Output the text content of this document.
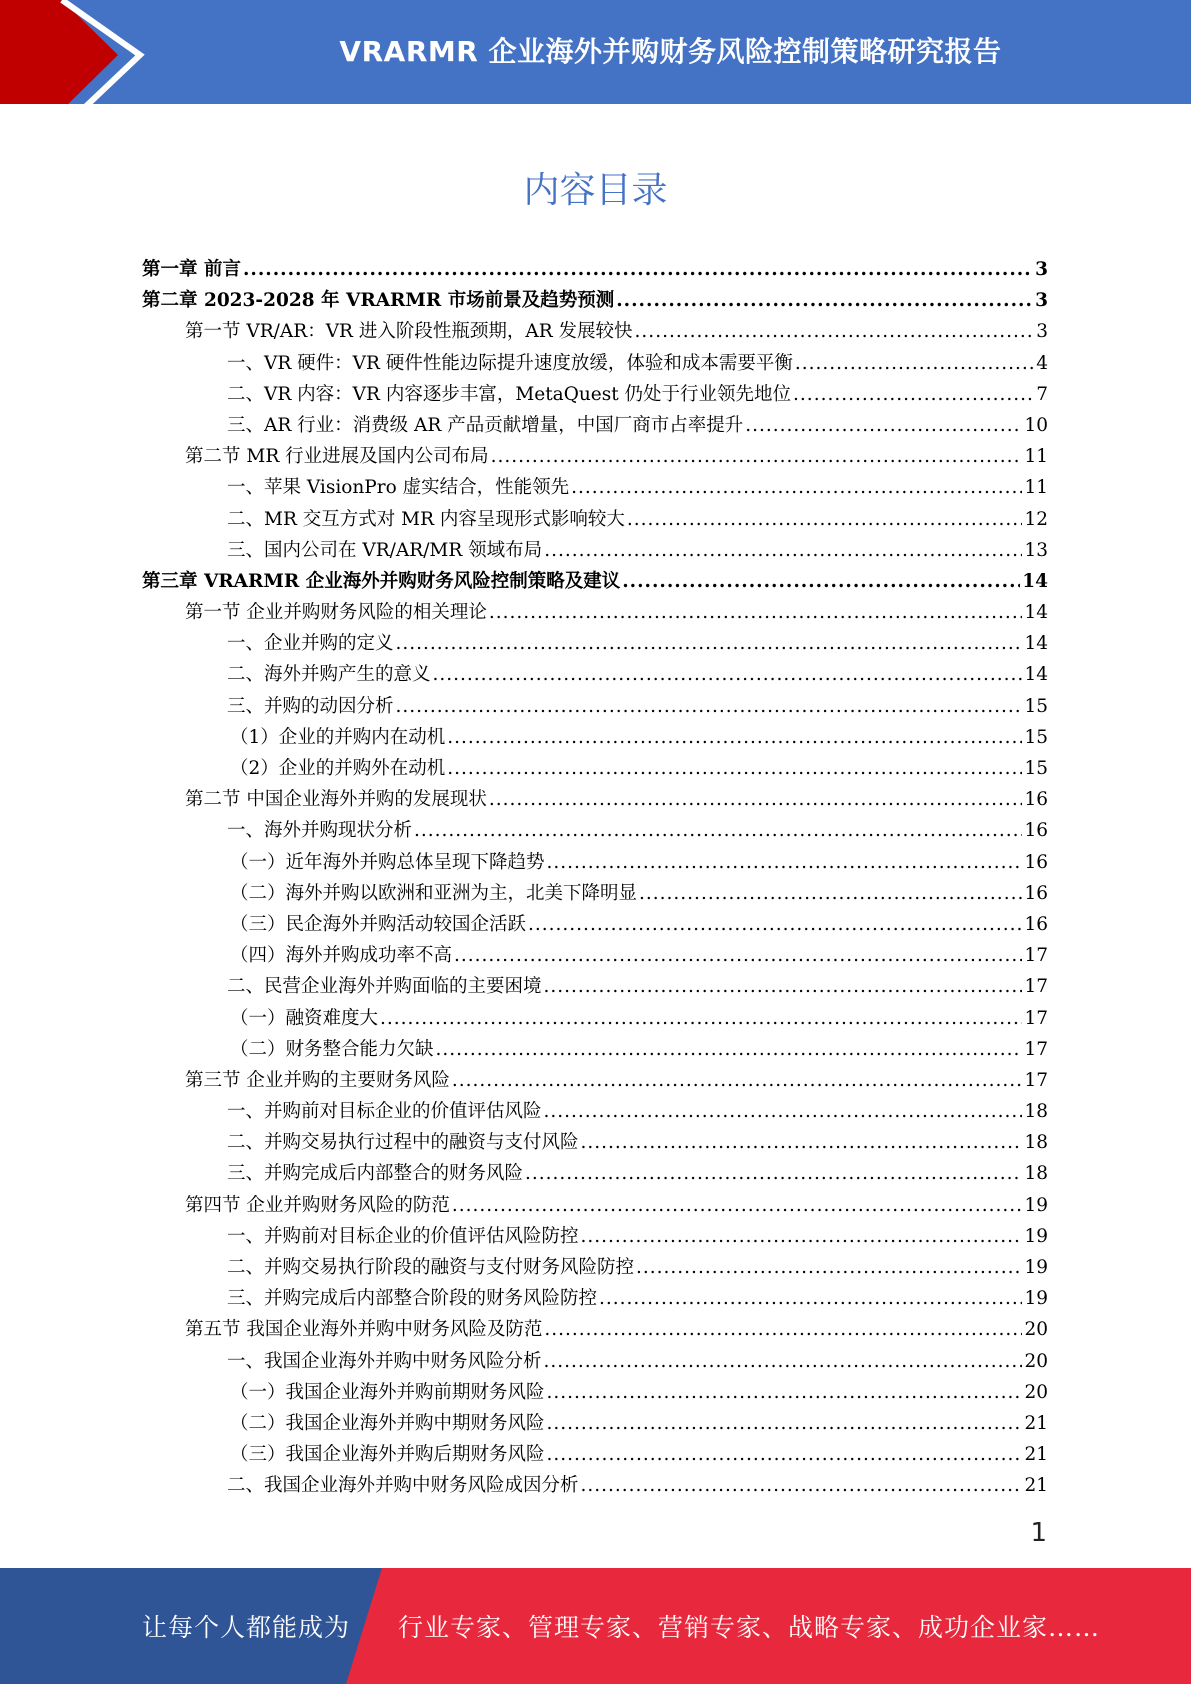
VRARMR 企业海外并购财务风险控制策略研究报告
内容目录
第一章 前言 .....	3
第二章 2023-2028 年 VRARMR 市场前景及趋势预测 .....	3
第一节 VR/AR：VR 进入阶段性瓶颈期，AR 发展较快 .....	3
一、VR 硬件：VR 硬件性能边际提升速度放缓，体验和成本需要平衡 .....	4
二、VR 内容：VR 内容逐步丰富，MetaQuest 仍处于行业领先地位 .....	7
三、AR 行业：消费级 AR 产品贡献增量，中国厂商市占率提升 .....	10
第二节 MR 行业进展及国内公司布局 .....	11
一、苹果 VisionPro 虚实结合，性能领先 .....	11
二、MR 交互方式对 MR 内容呈现形式影响较大 .....	12
三、国内公司在 VR/AR/MR 领域布局 .....	13
第三章 VRARMR 企业海外并购财务风险控制策略及建议 .....	14
第一节 企业并购财务风险的相关理论 .....	14
一、企业并购的定义 .....	14
二、海外并购产生的意义 .....	14
三、并购的动因分析 .....	15
（1）企业的并购内在动机 .....	15
（2）企业的并购外在动机 .....	15
第二节 中国企业海外并购的发展现状 .....	16
一、海外并购现状分析 .....	16
（一）近年海外并购总体呈现下降趋势 .....	16
（二）海外并购以欧洲和亚洲为主，北美下降明显 .....	16
（三）民企海外并购活动较国企活跃 .....	16
（四）海外并购成功率不高 .....	17
二、民营企业海外并购面临的主要困境 .....	17
（一）融资难度大 .....	17
（二）财务整合能力欠缺 .....	17
第三节 企业并购的主要财务风险 .....	17
一、并购前对目标企业的价值评估风险 .....	18
二、并购交易执行过程中的融资与支付风险 .....	18
三、并购完成后内部整合的财务风险 .....	18
第四节 企业并购财务风险的防范 .....	19
一、并购前对目标企业的价值评估风险防控 .....	19
二、并购交易执行阶段的融资与支付财务风险防控 .....	19
三、并购完成后内部整合阶段的财务风险防控 .....	19
第五节 我国企业海外并购中财务风险及防范 .....	20
一、我国企业海外并购中财务风险分析 .....	20
（一）我国企业海外并购前期财务风险 .....	20
（二）我国企业海外并购中期财务风险 .....	21
（三）我国企业海外并购后期财务风险 .....	21
二、我国企业海外并购中财务风险成因分析 .....	21
1
让每个人都能成为 行业专家、管理专家、营销专家、战略专家、成功企业家……
